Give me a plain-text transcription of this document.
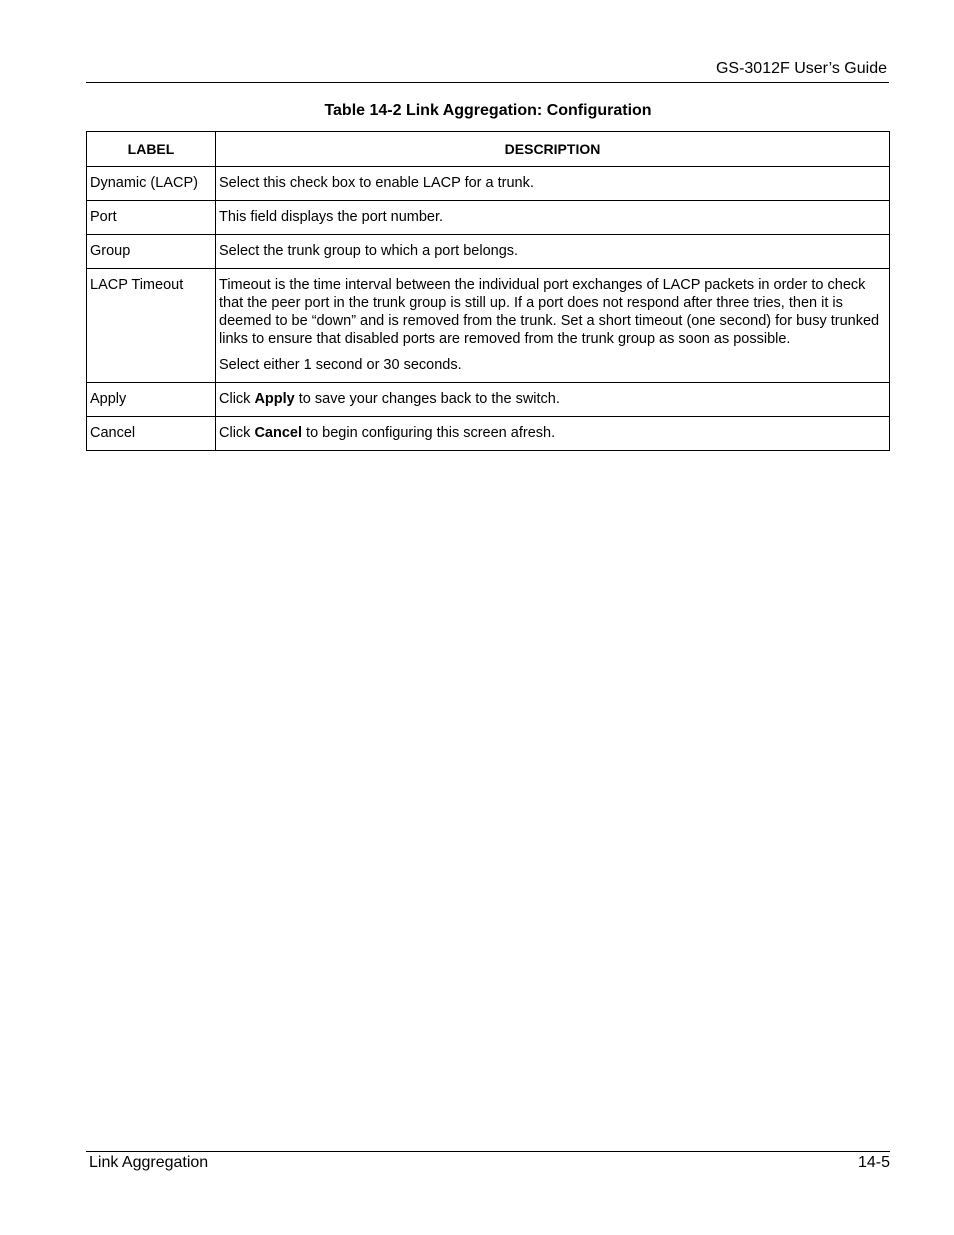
GS-3012F User’s Guide
Table 14-2 Link Aggregation: Configuration
LABEL	DESCRIPTION
Dynamic (LACP)	Select this check box to enable LACP for a trunk.
Port	This field displays the port number.
Group	Select the trunk group to which a port belongs.
LACP Timeout	Timeout is the time interval between the individual port exchanges of LACP packets in order to check that the peer port in the trunk group is still up. If a port does not respond after three tries, then it is deemed to be “down” and is removed from the trunk. Set a short timeout (one second) for busy trunked links to ensure that disabled ports are removed from the trunk group as soon as possible.

Select either 1 second or 30 seconds.

Apply	Click Apply to save your changes back to the switch.
Cancel	Click Cancel to begin configuring this screen afresh.
Link Aggregation	14-5
